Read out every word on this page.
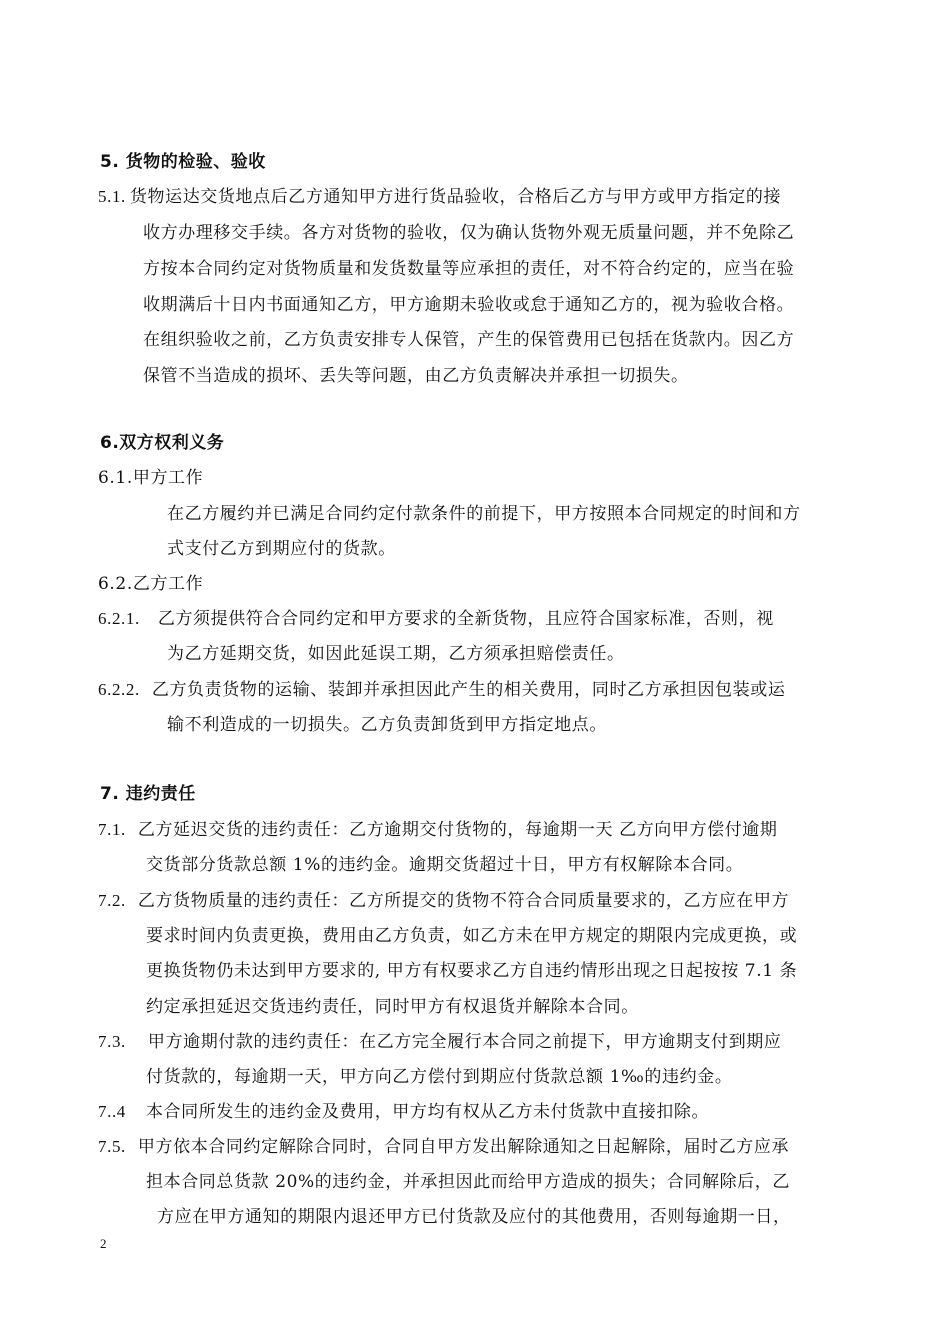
5. 货物的检验、验收
5.1. 货物运达交货地点后乙方通知甲方进行货品验收，合格后乙方与甲方或甲方指定的接
收方办理移交手续。各方对货物的验收，仅为确认货物外观无质量问题，并不免除乙
方按本合同约定对货物质量和发货数量等应承担的责任，对不符合约定的，应当在验
收期满后十日内书面通知乙方，甲方逾期未验收或怠于通知乙方的，视为验收合格。
在组织验收之前，乙方负责安排专人保管，产生的保管费用已包括在货款内。因乙方
保管不当造成的损坏、丢失等问题，由乙方负责解决并承担一切损失。
6.双方权利义务
6.1.甲方工作
在乙方履约并已满足合同约定付款条件的前提下，甲方按照本合同规定的时间和方
式支付乙方到期应付的货款。
6.2.乙方工作
6.2.1. 乙方须提供符合合同约定和甲方要求的全新货物，且应符合国家标准，否则，视
为乙方延期交货，如因此延误工期，乙方须承担赔偿责任。
6.2.2. 乙方负责货物的运输、装卸并承担因此产生的相关费用，同时乙方承担因包装或运
输不利造成的一切损失。乙方负责卸货到甲方指定地点。
7. 违约责任
7.1. 乙方延迟交货的违约责任：乙方逾期交付货物的，每逾期一天 乙方向甲方偿付逾期
交货部分货款总额 1%的违约金。逾期交货超过十日，甲方有权解除本合同。
7.2. 乙方货物质量的违约责任：乙方所提交的货物不符合合同质量要求的，乙方应在甲方
要求时间内负责更换，费用由乙方负责，如乙方未在甲方规定的期限内完成更换，或
更换货物仍未达到甲方要求的, 甲方有权要求乙方自违约情形出现之日起按按 7.1 条
约定承担延迟交货违约责任，同时甲方有权退货并解除本合同。
7.3. 甲方逾期付款的违约责任：在乙方完全履行本合同之前提下，甲方逾期支付到期应
付货款的，每逾期一天，甲方向乙方偿付到期应付货款总额 1‰的违约金。
7..4 本合同所发生的违约金及费用，甲方均有权从乙方未付货款中直接扣除。
7.5. 甲方依本合同约定解除合同时，合同自甲方发出解除通知之日起解除，届时乙方应承
担本合同总货款 20%的违约金，并承担因此而给甲方造成的损失；合同解除后，乙
方应在甲方通知的期限内退还甲方已付货款及应付的其他费用，否则每逾期一日，
2
